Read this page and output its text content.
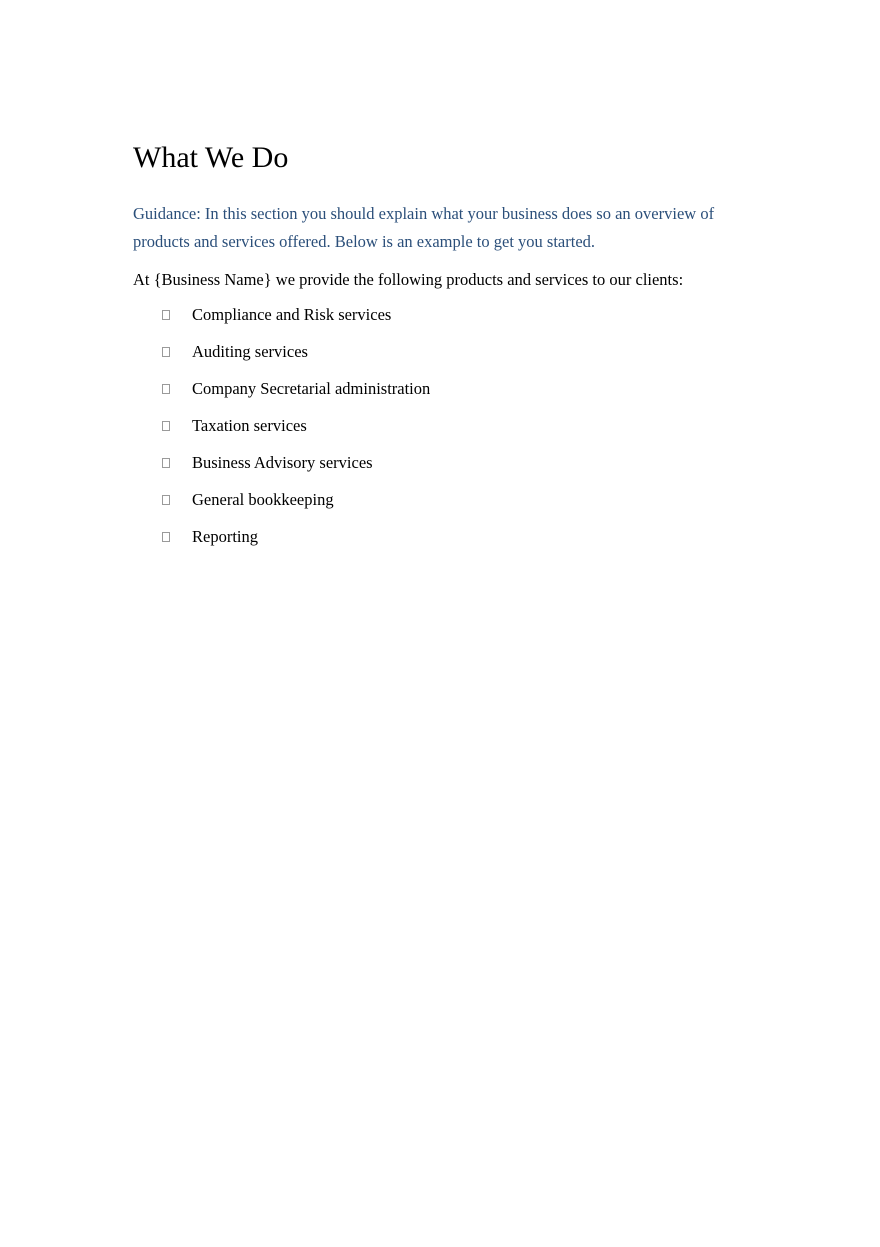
What We Do

Guidance: In this section you should explain what your business does so an overview of products and services offered. Below is an example to get you started.

At {Business Name} we provide the following products and services to our clients:

Compliance and Risk services
Auditing services
Company Secretarial administration
Taxation services
Business Advisory services
General bookkeeping
Reporting
